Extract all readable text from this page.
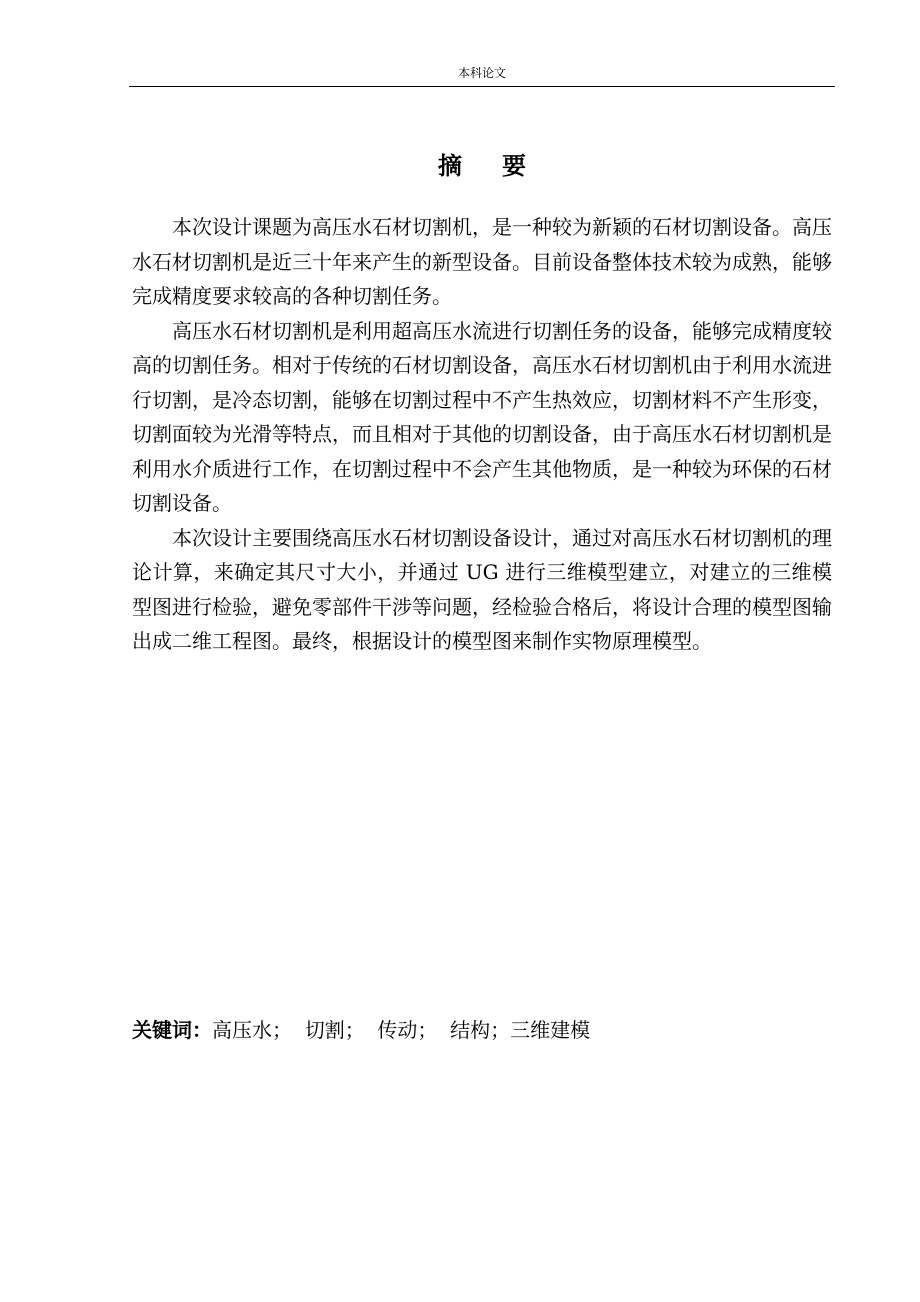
本科论文
摘 要

本次设计课题为高压水石材切割机，是一种较为新颖的石材切割设备。高压水石材切割机是近三十年来产生的新型设备。目前设备整体技术较为成熟，能够完成精度要求较高的各种切割任务。

高压水石材切割机是利用超高压水流进行切割任务的设备，能够完成精度较高的切割任务。相对于传统的石材切割设备，高压水石材切割机由于利用水流进行切割，是冷态切割，能够在切割过程中不产生热效应，切割材料不产生形变，切割面较为光滑等特点，而且相对于其他的切割设备，由于高压水石材切割机是利用水介质进行工作，在切割过程中不会产生其他物质，是一种较为环保的石材切割设备。

本次设计主要围绕高压水石材切割设备设计，通过对高压水石材切割机的理论计算，来确定其尺寸大小，并通过 UG 进行三维模型建立，对建立的三维模型图进行检验，避免零部件干涉等问题，经检验合格后，将设计合理的模型图输出成二维工程图。最终，根据设计的模型图来制作实物原理模型。

关键词：高压水；  切割；  传动；  结构；三维建模
